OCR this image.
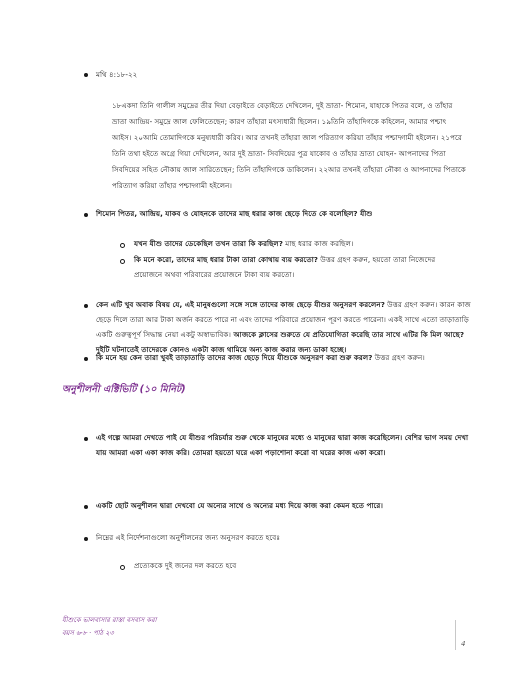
মথি ৪:১৮-২২
১৮একদা তিনি গালীল সমুদ্রের তীর দিয়া বেড়াইতে বেড়াইতে দেখিলেন, দুই ভ্রাতা- শিমোন, যাহাকে পিতর বলে, ও তাঁহার ভ্রাতা আন্দ্রিয়- সমুদ্রে জাল ফেলিতেছেন; কারণ তাঁহারা মৎস্যধারী ছিলেন। ১৯তিনি তাঁহাদিগকে কহিলেন, আমার পশ্চাৎ আইস। ২০আমি তোমাদিগকে মনুষ্যধারী করিব। আর তখনই তাঁহারা জাল পরিত্যাগ করিয়া তাঁহার পশ্চাদ্গামী হইলেন। ২১পরে তিনি তথা হইতে অগ্রে গিয়া দেখিলেন, আর দুই ভ্রাতা- সিবদিয়ের পুত্র যাকোব ও তাঁহার ভ্রাতা যোহন- আপনাদের পিতা সিবদিয়ের সহিত নৌকায় জাল সারিতেছেন; তিনি তাঁহাদিগকে ডাকিলেন। ২২আর তখনই তাঁহারা নৌকা ও আপনাদের পিতাকে পরিত্যাগ করিয়া তাঁহার পশ্চাদ্গামী হইলেন।
শিমোন পিতর, আন্দ্রিয়, যাকব ও যোহনকে তাদের মাছ ধরার কাজ ছেড়ে দিতে কে বলেছিল? যীশু
যখন যীশু তাদের ডেকেছিল তখন তারা কি করছিল? মাছ ধরার কাজ করছিল।
কি মনে করো, তাদের মাছ ধরার টাকা তারা কোথায় ব্যয় করতো? উত্তর গ্রহণ করুন, হয়তো তারা নিজেদের প্রয়োজনে অথবা পরিবারের প্রয়োজনে টাকা ব্যয় করতো।
কেন এটি খুব অবাক বিষয় যে, এই মানুষগুলো সঙ্গে সঙ্গে তাদের কাজ ছেড়ে যীশুর অনুসরণ করলেন? উত্তর গ্রহণ করুন। কারন কাজ ছেড়ে দিলে তারা আর টাকা অর্জন করতে পারে না এবং তাদের পরিবারে প্রয়োজন পূরণ করতে পারেনা। একই সাথে এতো তাড়াতাড়ি একটি গুরুত্বপূর্ণ সিদ্ধান্ত নেয়া একটু অস্বাভাবিক। আজকে ক্লাসের শুরুতে যে প্রতিযোগিতা করেছি তার সাথে এটির কি মিল আছে? দুইটি ঘটনাতেই তাদেরকে কোনও একটা কাজ থামিয়ে অন্য কাজ করার জন্য ডাকা হচ্ছে।
কি মনে হয় কেন তারা খুবই তাড়াতাড়ি তাদের কাজ ছেড়ে দিয়ে যীশুকে অনুসরণ করা শুরু করল? উত্তর গ্রহণ করুন।
অনুশীলনী এক্টিভিটি (১০ মিনিট)
এই গল্পে আমরা দেখতে পাই যে যীশুর পরিচর্যার শুরু থেকে মানুষের মধ্যে ও মানুষের দ্বারা কাজ করেছিলেন। বেশির ভাগ সময় দেখা যায় আমরা একা একা কাজ করি। তোমরা হয়তো ঘরে একা পড়াশোনা করো বা ঘরের কাজ একা করো।
একটি ছোট অনুশীলন দ্বারা দেখবো যে অন্যের সাথে ও অন্যের মধ্য দিয়ে কাজ করা কেমন হতে পারে।
নিম্নের এই নির্দেশনাগুলো অনুশীলনের জন্য অনুসরণ করতে হবেঃ
প্রত্যেককে দুই জনের দল করতে হবে
যীশুকে ভালবাসার রাস্তা বসবাস করা
বয়স ৬-৮ · পাঠ ২৩
4
